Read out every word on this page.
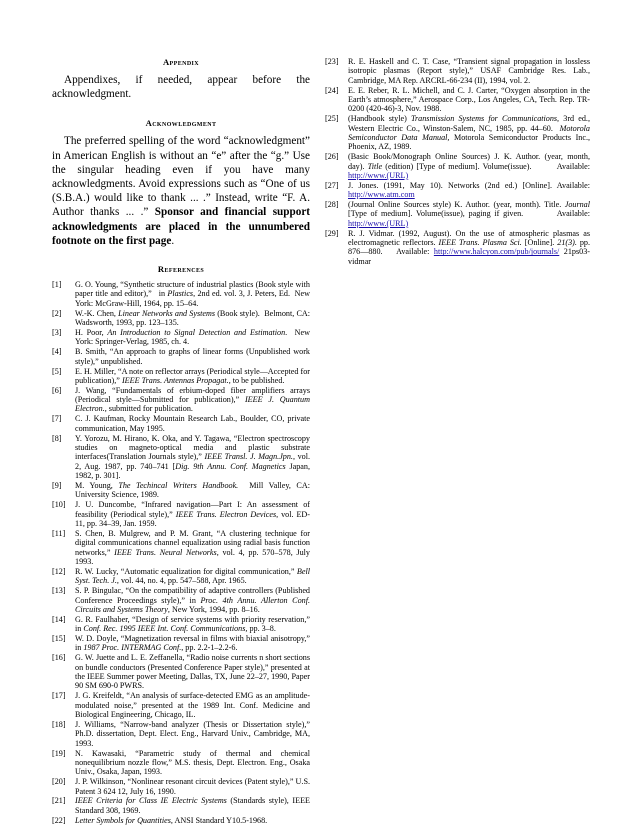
Appendix

Appendixes, if needed, appear before the acknowledgment.

Acknowledgment

The preferred spelling of the word “acknowledgment” in American English is without an “e” after the “g.” Use the singular heading even if you have many acknowledgments. Avoid expressions such as “One of us (S.B.A.) would like to thank ... .” Instead, write “F. A. Author thanks ... .” Sponsor and financial support acknowledgments are placed in the unnumbered footnote on the first page.

References
[1] G. O. Young, “Synthetic structure of industrial plastics (Book style with paper title and editor),”   in Plastics, 2nd ed. vol. 3, J. Peters, Ed.  New York: McGraw-Hill, 1964, pp. 15–64.
[2] W.-K. Chen, Linear Networks and Systems (Book style).  Belmont, CA: Wadsworth, 1993, pp. 123–135.
[3] H. Poor, An Introduction to Signal Detection and Estimation.  New York: Springer-Verlag, 1985, ch. 4.
[4] B. Smith, “An approach to graphs of linear forms (Unpublished work style),” unpublished.
[5] E. H. Miller, “A note on reflector arrays (Periodical style—Accepted for publication),” IEEE Trans. Antennas Propagat., to be published.
[6] J. Wang, “Fundamentals of erbium-doped fiber amplifiers arrays (Periodical style—Submitted for publication),” IEEE J. Quantum Electron., submitted for publication.
[7] C. J. Kaufman, Rocky Mountain Research Lab., Boulder, CO, private communication, May 1995.
[8] Y. Yorozu, M. Hirano, K. Oka, and Y. Tagawa, “Electron spectroscopy studies on magneto-optical media and plastic substrate interfaces(Translation Journals style),” IEEE Transl. J. Magn.Jpn., vol. 2, Aug. 1987, pp. 740–741 [Dig. 9th Annu. Conf. Magnetics Japan, 1982, p. 301].
[9] M. Young, The Techincal Writers Handbook.  Mill Valley, CA: University Science, 1989.
[10] J. U. Duncombe, “Infrared navigation—Part I: An assessment of feasibility (Periodical style),” IEEE Trans. Electron Devices, vol. ED-11, pp. 34–39, Jan. 1959.
[11] S. Chen, B. Mulgrew, and P. M. Grant, “A clustering technique for digital communications channel equalization using radial basis function networks,” IEEE Trans. Neural Networks, vol. 4, pp. 570–578, July 1993.
[12] R. W. Lucky, “Automatic equalization for digital communication,” Bell Syst. Tech. J., vol. 44, no. 4, pp. 547–588, Apr. 1965.
[13] S. P. Bingulac, “On the compatibility of adaptive controllers (Published Conference Proceedings style),” in Proc. 4th Annu. Allerton Conf. Circuits and Systems Theory, New York, 1994, pp. 8–16.
[14] G. R. Faulhaber, “Design of service systems with priority reservation,” in Conf. Rec. 1995 IEEE Int. Conf. Communications, pp. 3–8.
[15] W. D. Doyle, “Magnetization reversal in films with biaxial anisotropy,” in 1987 Proc. INTERMAG Conf., pp. 2.2-1–2.2-6.
[16] G. W. Juette and L. E. Zeffanella, “Radio noise currents n short sections on bundle conductors (Presented Conference Paper style),” presented at the IEEE Summer power Meeting, Dallas, TX, June 22–27, 1990, Paper 90 SM 690-0 PWRS.
[17] J. G. Kreifeldt, “An analysis of surface-detected EMG as an amplitude-modulated noise,” presented at the 1989 Int. Conf. Medicine and Biological Engineering, Chicago, IL.
[18] J. Williams, “Narrow-band analyzer (Thesis or Dissertation style),” Ph.D. dissertation, Dept. Elect. Eng., Harvard Univ., Cambridge, MA, 1993.
[19] N. Kawasaki, “Parametric study of thermal and chemical nonequilibrium nozzle flow,” M.S. thesis, Dept. Electron. Eng., Osaka Univ., Osaka, Japan, 1993.
[20] J. P. Wilkinson, “Nonlinear resonant circuit devices (Patent style),” U.S. Patent 3 624 12, July 16, 1990.
[21] IEEE Criteria for Class IE Electric Systems (Standards style), IEEE Standard 308, 1969.
[22] Letter Symbols for Quantities, ANSI Standard Y10.5-1968.
[23] R. E. Haskell and C. T. Case, “Transient signal propagation in lossless isotropic plasmas (Report style),” USAF Cambridge Res. Lab., Cambridge, MA Rep. ARCRL-66-234 (II), 1994, vol. 2.
[24] E. E. Reber, R. L. Michell, and C. J. Carter, “Oxygen absorption in the Earth’s atmosphere,” Aerospace Corp., Los Angeles, CA, Tech. Rep. TR-0200 (420-46)-3, Nov. 1988.
[25] (Handbook style) Transmission Systems for Communications, 3rd ed., Western Electric Co., Winston-Salem, NC, 1985, pp. 44–60.  Motorola Semiconductor Data Manual, Motorola Semiconductor Products Inc., Phoenix, AZ, 1989.
[26] (Basic Book/Monograph Online Sources) J. K. Author. (year, month, day). Title (edition) [Type of medium]. Volume(issue).        Available: http://www.(URL)
[27] J. Jones. (1991, May 10). Networks (2nd ed.) [Online]. Available: http://www.atm.com
[28] (Journal Online Sources style) K. Author. (year, month). Title. Journal [Type of medium]. Volume(issue), paging if given.         Available: http://www.(URL)
[29] R. J. Vidmar. (1992, August). On the use of atmospheric plasmas as electromagnetic reflectors. IEEE Trans. Plasma Sci. [Online]. 21(3). pp. 876—880.   Available: http://www.halcyon.com/pub/journals/ 21ps03-vidmar
